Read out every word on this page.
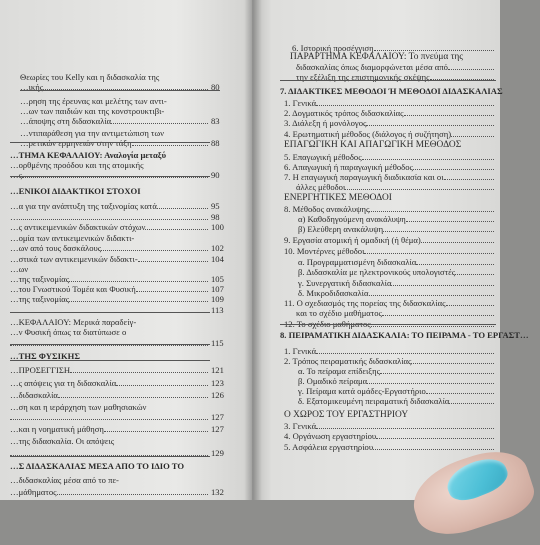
Θεωρίες του Kelly και η διδασκαλία της
…ικής	80
…ρηση της έρευνας και μελέτης των αντι-
…ων των παιδιών και της κονστρουκτιβι-
…άποψης στη διδασκαλία	83
…ντιπαράθεση για την αντιμετώπιση των
…ρετικών ερμηνειών στην τάξη	88
…ΤΗΜΑ ΚΕΦΑΛΑΙΟΥ: Αναλογία μεταξύ
…ορθμένης προόδου και της ατομικής
…ς	90
…ΕΝΙΚΟΙ ΔΙΔΑΚΤΙΚΟΙ ΣΤΟΧΟΙ
…α για την ανάπτυξη της ταξινομίας κατά	95
…	98
…ς αντικειμενικών διδακτικών στόχων	100
…ομία των αντικειμενικών διδακτι-
…ων από τους δασκάλους	102
…στικά των αντικειμενικών διδακτι-	104
…ων
…της ταξινομίας	105
…του Γνωστικού Τομέα και Φυσική	107
…της ταξινομίας	109
113
…ΚΕΦΑΛΑΙΟΥ: Μερικά παραδείγ-
…ν Φυσική όπως τα διατύπωσε ο
115
…ΤΗΣ ΦΥΣΙΚΗΣ
…ΠΡΟΣΕΓΓΙΣΗ	121
…ς απόψεις για τη διδασκαλία	123
…διδασκαλία	126
…ση και η ιεράρχηση των μαθησιακών
127
…και η νοηματική μάθηση	127
…της διδασκαλία. Οι απόψεις
129
…Σ ΔΙΔΑΣΚΑΛΙΑΣ ΜΕΣΑ ΑΠΟ ΤΟ ΙΔΙΟ ΤΟ
…διδασκαλίας μέσα από το πε-
…μάθηματος	132
6. Ιστορική προσέγγιση
ΠΑΡΑΡΤΗΜΑ ΚΕΦΑΛΑΙΟΥ: Το πνεύμα της
διδασκαλίας όπως διαμορφώνεται μέσα από
την εξέλιξη της επιστημονικής σκέψης
7. ΔΙΔΑΚΤΙΚΕΣ ΜΕΘΟΔΟΙ Ή ΜΕΘΟΔΟΙ ΔΙΔΑΣΚΑΛΙΑΣ
1. Γενικά
2. Δογματικός τρόπος διδασκαλίας
3. Διάλεξη ή μονόλογος
4. Ερωτηματική μέθοδος (διάλογος ή συζήτηση)
ΕΠΑΓΩΓΙΚΗ ΚΑΙ ΑΠΑΓΩΓΙΚΗ ΜΕΘΟΔΟΣ
5. Επαγωγική μέθοδος
6. Απαγωγική ή παραγωγική μέθοδος
7. Η επαγωγική παραγωγική διαδικασία και οι
άλλες μέθοδοι
ΕΝΕΡΓΗΤΙΚΕΣ ΜΕΘΟΔΟΙ
8. Μέθοδος ανακάλυψης
α) Καθοδηγούμενη ανακάλυψη
β) Ελεύθερη ανακάλυψη
9. Εργασία ατομική ή ομαδική (ή θέμα)
10. Μοντέρνες μέθοδοι
α. Προγραμματισμένη διδασκαλία
β. Διδασκαλία με ηλεκτρονικούς υπολογιστές
γ. Συνεργατική διδασκαλία
δ. Μικροδιδασκαλία
11. Ο σχεδιασμός της πορείας της διδασκαλίας
και το σχέδιο μαθήματος
12. Το σχέδιο μαθήματος
8. ΠΕΙΡΑΜΑΤΙΚΗ ΔΙΔΑΣΚΑΛΙΑ: ΤΟ ΠΕΙΡΑΜΑ - ΤΟ ΕΡΓΑΣΤ…
1. Γενικά
2. Τρόπος πειραματικής διδασκαλίας
α. Το πείραμα επίδειξης
β. Ομαδικό πείραμα
γ. Πείραμα κατά ομάδες-Εργαστήριο
δ. Εξατομικευμένη πειραματική διδασκαλία
Ο ΧΩΡΟΣ ΤΟΥ ΕΡΓΑΣΤΗΡΙΟΥ
3. Γενικά
4. Οργάνωση εργαστηρίου
5. Ασφάλεια εργαστηρίου
